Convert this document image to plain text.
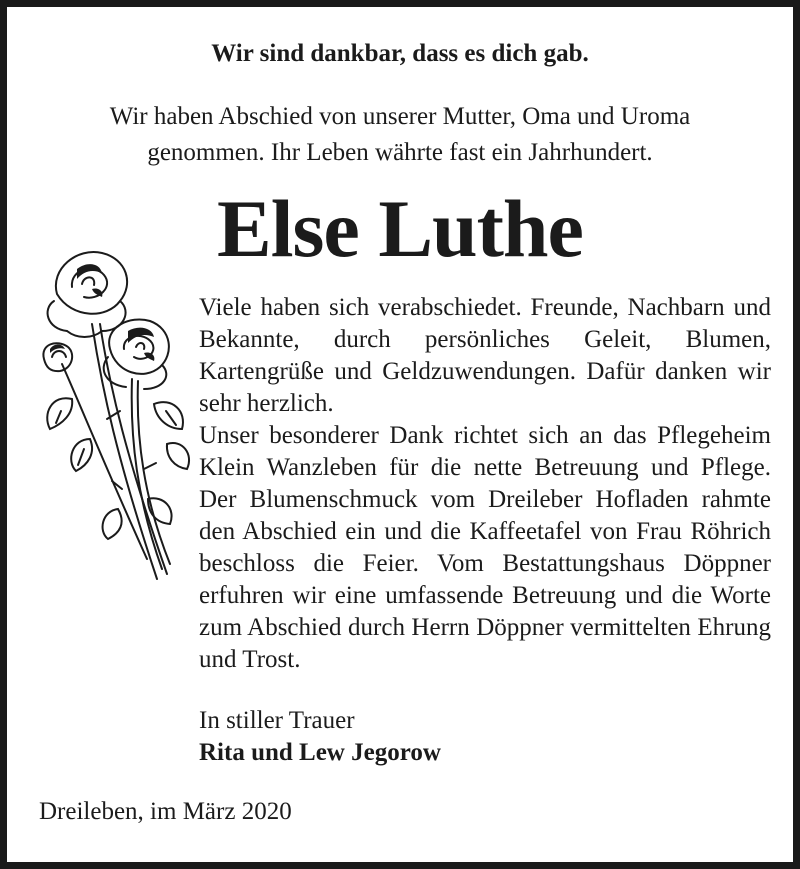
Wir sind dankbar, dass es dich gab.
Wir haben Abschied von unserer Mutter, Oma und Uroma
genommen. Ihr Leben währte fast ein Jahrhundert.
Else Luthe

Viele haben sich verabschiedet. Freunde, Nachbarn und Bekannte, durch persönliches Geleit, Blumen, Kartengrüße und Geldzuwendungen. Dafür danken wir sehr herzlich.

Unser besonderer Dank richtet sich an das Pflegeheim Klein Wanzleben für die nette Betreuung und Pflege. Der Blumenschmuck vom Dreileber Hofladen rahmte den Abschied ein und die Kaffeetafel von Frau Röhrich beschloss die Feier. Vom Bestattungshaus Döppner erfuhren wir eine umfassende Betreuung und die Worte zum Abschied durch Herrn Döppner vermittelten Ehrung und Trost.

In stiller Trauer
Rita und Lew Jegorow
Dreileben, im März 2020
